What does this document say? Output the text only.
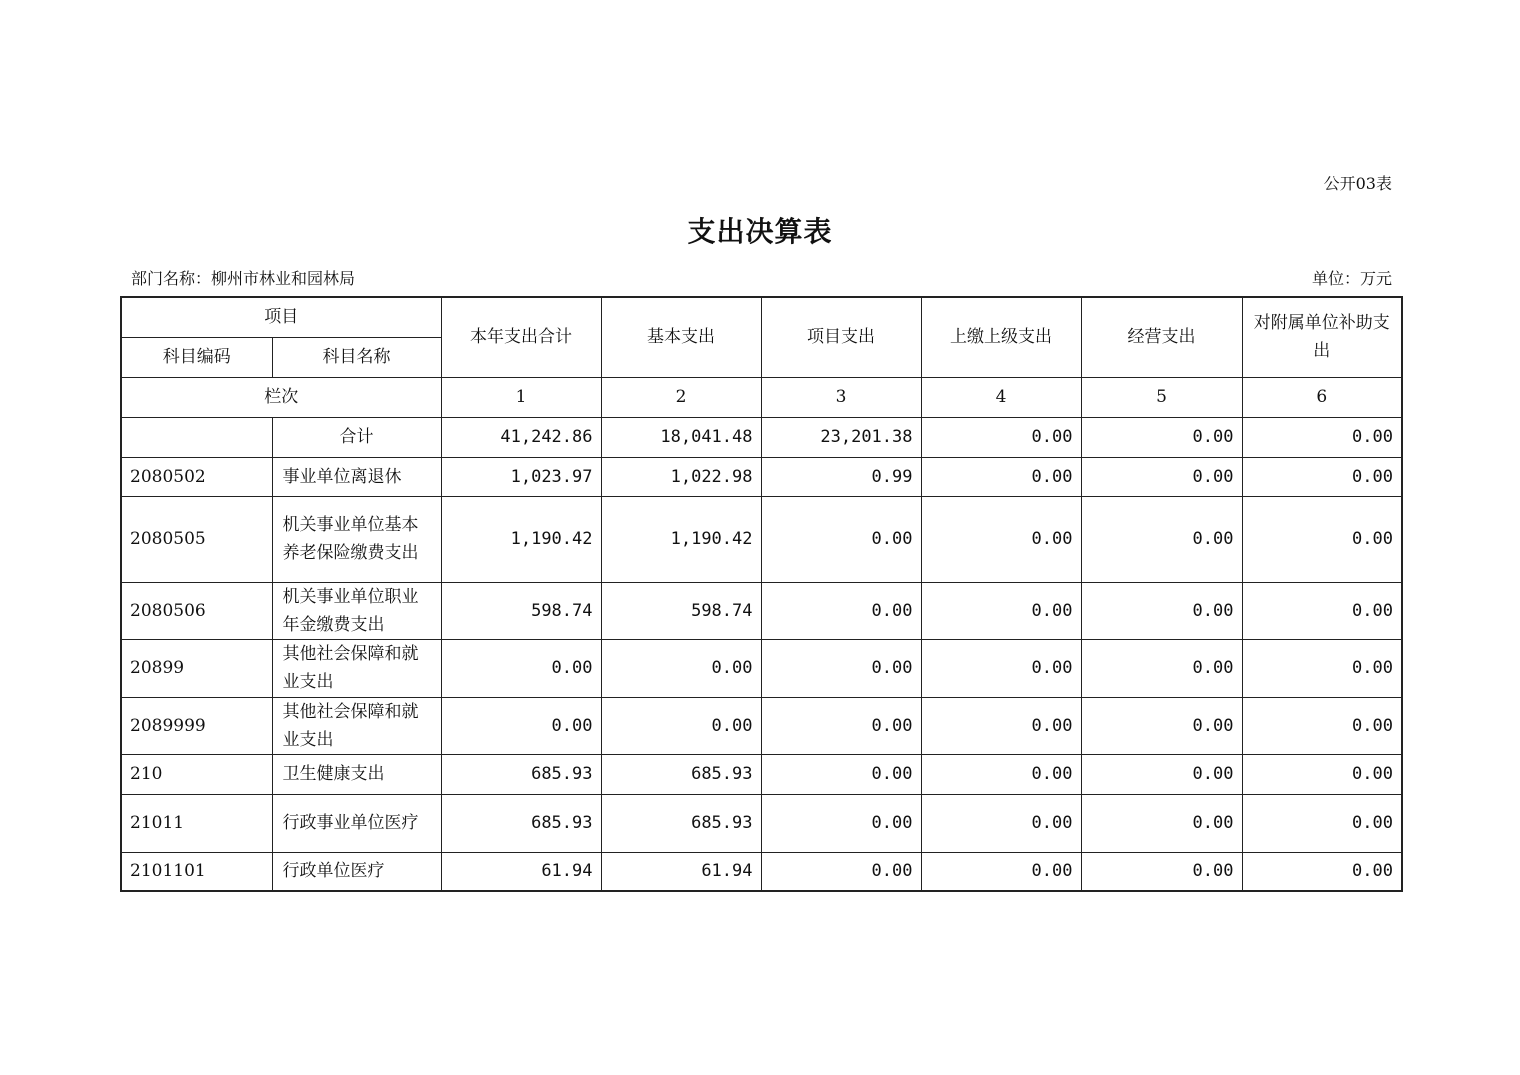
公开03表
支出决算表
部门名称：柳州市林业和园林局	单位：万元
项目		本年支出合计	基本支出	项目支出	上缴上级支出	经营支出	对附属单位补助支出
科目编码	科目名称						
栏次		1	2	3	4	5	6
	合计	41,242.86	18,041.48	23,201.38	0.00	0.00	0.00
2080502	事业单位离退休	1,023.97	1,022.98	0.99	0.00	0.00	0.00
2080505	机关事业单位基本养老保险缴费支出	1,190.42	1,190.42	0.00	0.00	0.00	0.00
2080506	机关事业单位职业年金缴费支出	598.74	598.74	0.00	0.00	0.00	0.00
20899	其他社会保障和就业支出	0.00	0.00	0.00	0.00	0.00	0.00
2089999	其他社会保障和就业支出	0.00	0.00	0.00	0.00	0.00	0.00
210	卫生健康支出	685.93	685.93	0.00	0.00	0.00	0.00
21011	行政事业单位医疗	685.93	685.93	0.00	0.00	0.00	0.00
2101101	行政单位医疗	61.94	61.94	0.00	0.00	0.00	0.00
